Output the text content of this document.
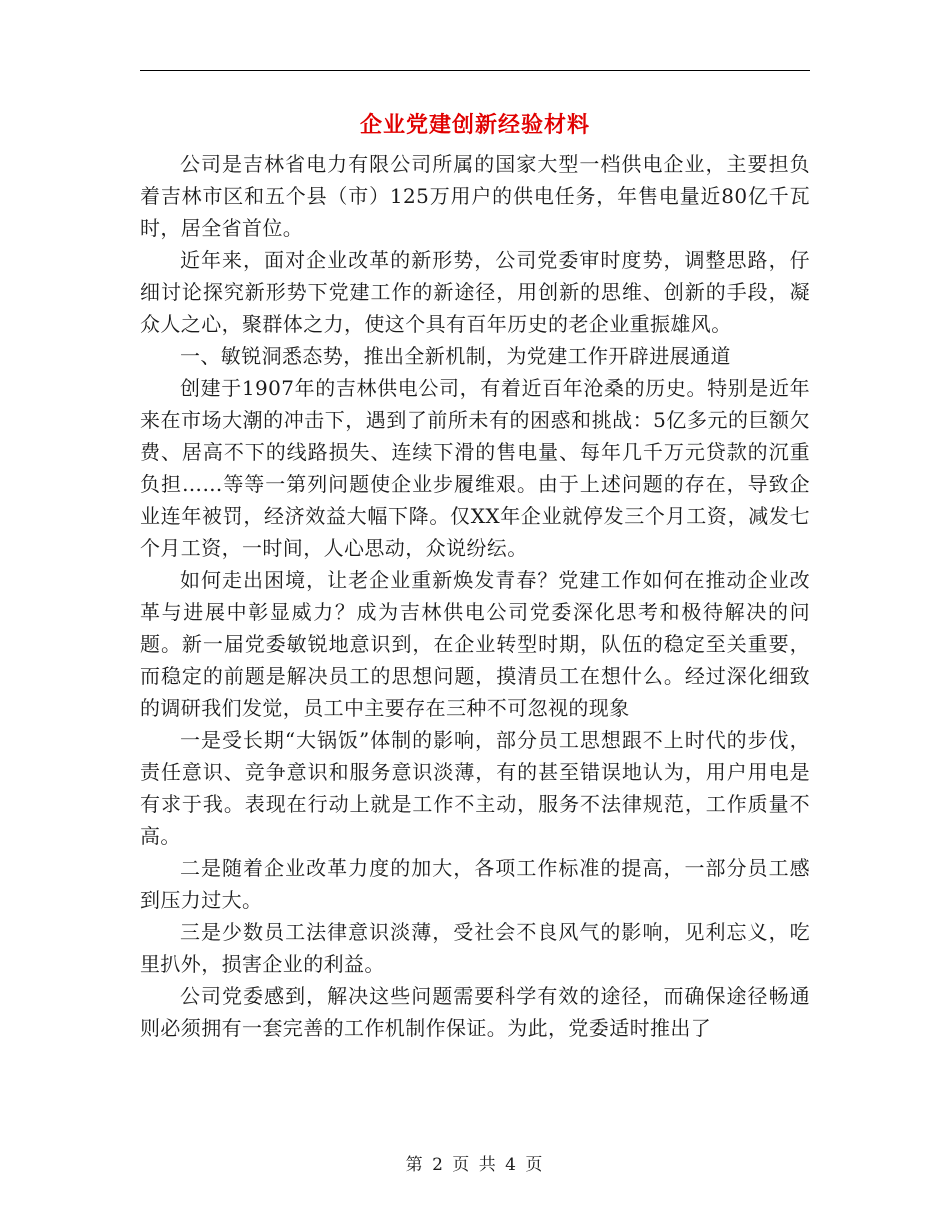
企业党建创新经验材料

公司是吉林省电力有限公司所属的国家大型一档供电企业，主要担负着吉林市区和五个县（市）125万用户的供电任务，年售电量近80亿千瓦时，居全省首位。

近年来，面对企业改革的新形势，公司党委审时度势，调整思路，仔细讨论探究新形势下党建工作的新途径，用创新的思维、创新的手段，凝众人之心，聚群体之力，使这个具有百年历史的老企业重振雄风。

一、敏锐洞悉态势，推出全新机制，为党建工作开辟进展通道

创建于1907年的吉林供电公司，有着近百年沧桑的历史。特别是近年来在市场大潮的冲击下，遇到了前所未有的困惑和挑战：5亿多元的巨额欠费、居高不下的线路损失、连续下滑的售电量、每年几千万元贷款的沉重负担……等等一第列问题使企业步履维艰。由于上述问题的存在，导致企业连年被罚，经济效益大幅下降。仅XX年企业就停发三个月工资，减发七个月工资，一时间，人心思动，众说纷纭。

如何走出困境，让老企业重新焕发青春？党建工作如何在推动企业改革与进展中彰显威力？成为吉林供电公司党委深化思考和极待解决的问题。新一届党委敏锐地意识到，在企业转型时期，队伍的稳定至关重要，而稳定的前题是解决员工的思想问题，摸清员工在想什么。经过深化细致的调研我们发觉，员工中主要存在三种不可忽视的现象

一是受长期“大锅饭”体制的影响，部分员工思想跟不上时代的步伐，责任意识、竞争意识和服务意识淡薄，有的甚至错误地认为，用户用电是有求于我。表现在行动上就是工作不主动，服务不法律规范，工作质量不高。

二是随着企业改革力度的加大，各项工作标准的提高，一部分员工感到压力过大。

三是少数员工法律意识淡薄，受社会不良风气的影响，见利忘义，吃里扒外，损害企业的利益。

公司党委感到，解决这些问题需要科学有效的途径，而确保途径畅通则必须拥有一套完善的工作机制作保证。为此，党委适时推出了

第 2 页 共 4 页
